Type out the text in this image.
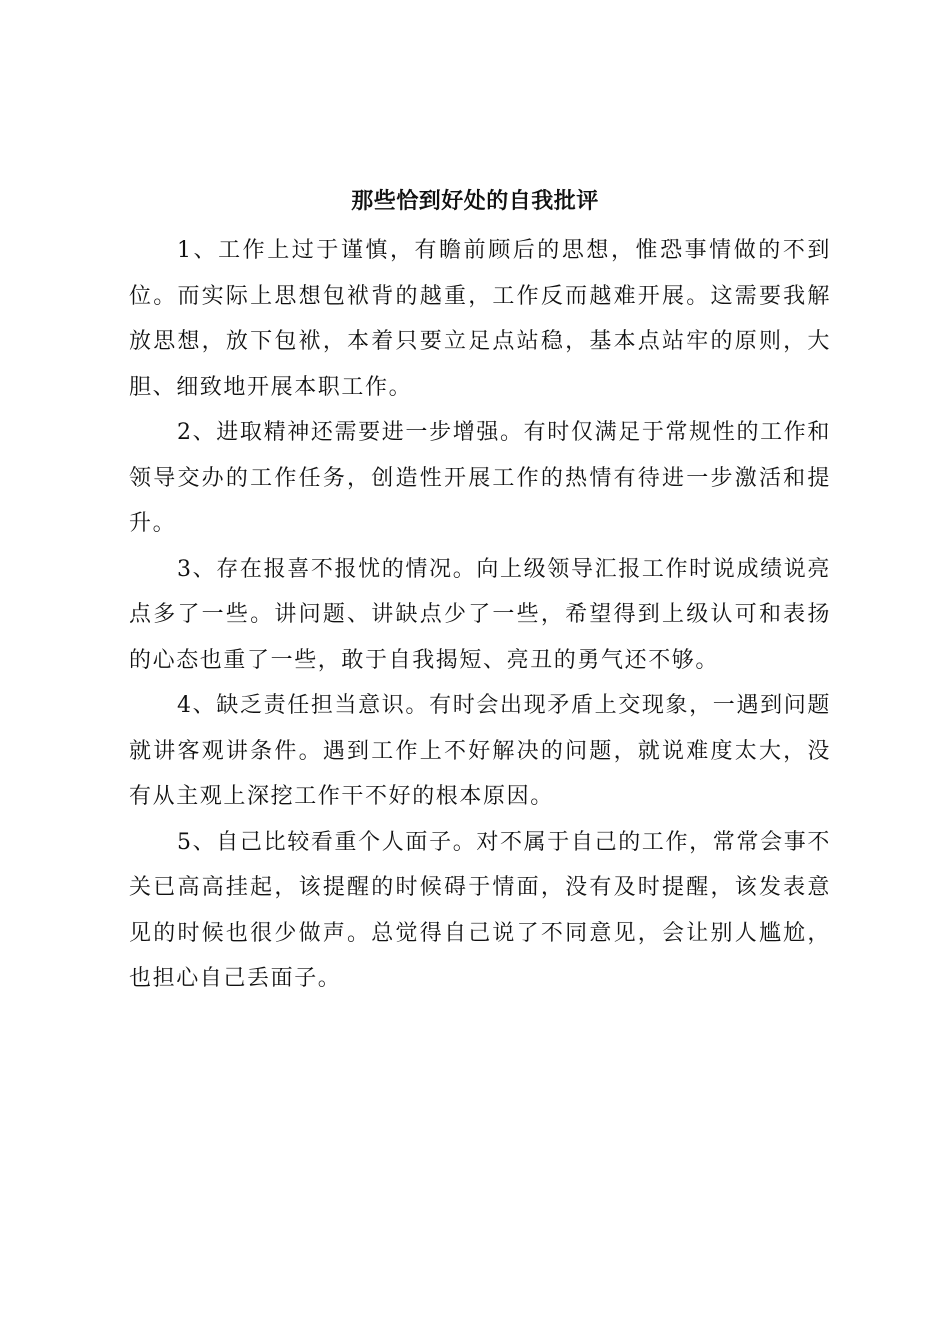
那些恰到好处的自我批评

1、工作上过于谨慎，有瞻前顾后的思想，惟恐事情做的不到位。而实际上思想包袱背的越重，工作反而越难开展。这需要我解放思想，放下包袱，本着只要立足点站稳，基本点站牢的原则，大胆、细致地开展本职工作。

2、进取精神还需要进一步增强。有时仅满足于常规性的工作和领导交办的工作任务，创造性开展工作的热情有待进一步激活和提升。

3、存在报喜不报忧的情况。向上级领导汇报工作时说成绩说亮点多了一些。讲问题、讲缺点少了一些，希望得到上级认可和表扬的心态也重了一些，敢于自我揭短、亮丑的勇气还不够。

4、缺乏责任担当意识。有时会出现矛盾上交现象，一遇到问题就讲客观讲条件。遇到工作上不好解决的问题，就说难度太大，没有从主观上深挖工作干不好的根本原因。

5、自己比较看重个人面子。对不属于自己的工作，常常会事不关已高高挂起，该提醒的时候碍于情面，没有及时提醒，该发表意见的时候也很少做声。总觉得自己说了不同意见，会让别人尴尬，也担心自己丢面子。
